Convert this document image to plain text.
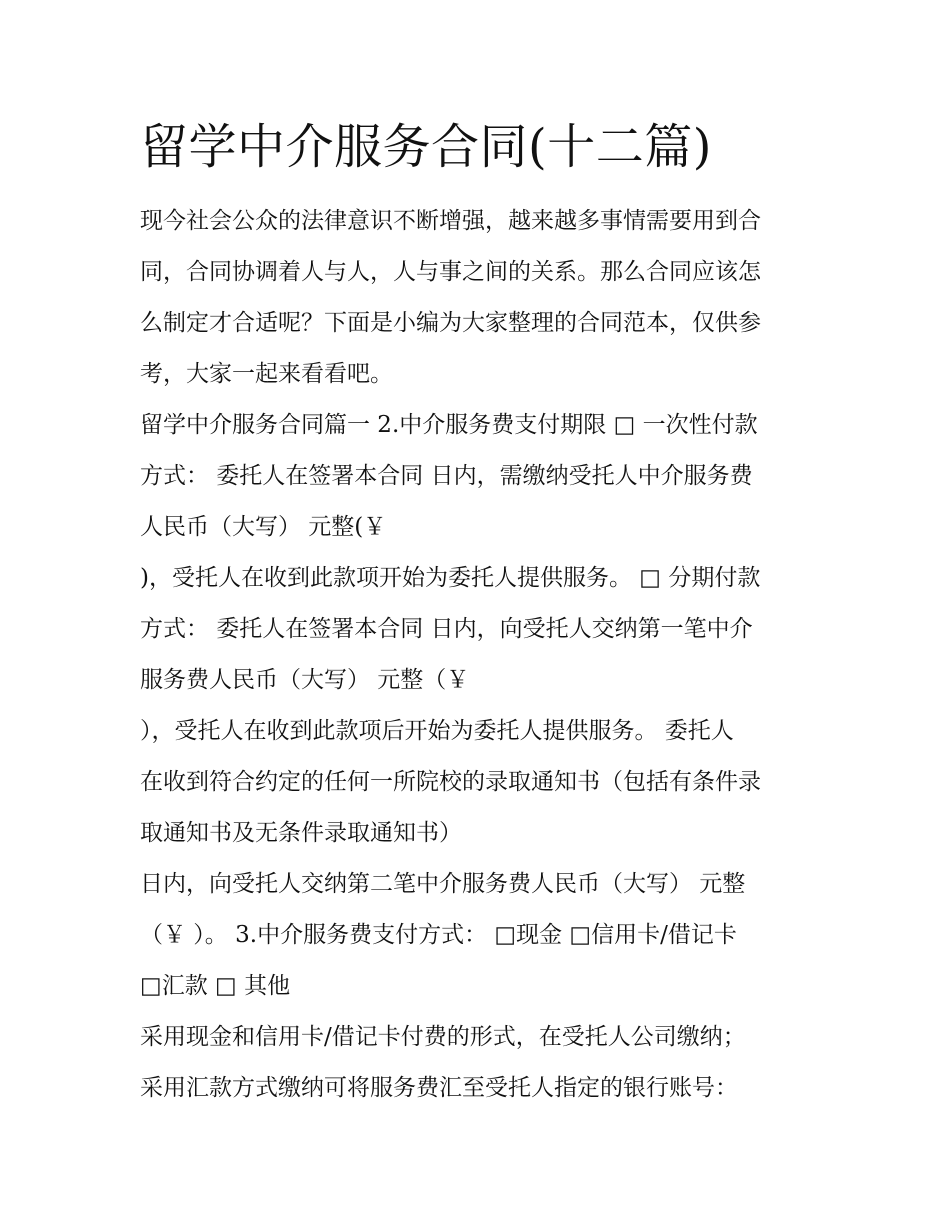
留学中介服务合同(十二篇)
现今社会公众的法律意识不断增强，越来越多事情需要用到合
同，合同协调着人与人，人与事之间的关系。那么合同应该怎
么制定才合适呢？下面是小编为大家整理的合同范本，仅供参
考，大家一起来看看吧。
留学中介服务合同篇一 2.中介服务费支付期限 □ 一次性付款
方式： 委托人在签署本合同 日内，需缴纳受托人中介服务费
人民币（大写） 元整(￥
)，受托人在收到此款项开始为委托人提供服务。 □ 分期付款
方式： 委托人在签署本合同 日内，向受托人交纳第一笔中介
服务费人民币（大写） 元整（￥
），受托人在收到此款项后开始为委托人提供服务。 委托人
在收到符合约定的任何一所院校的录取通知书（包括有条件录
取通知书及无条件录取通知书）
日内，向受托人交纳第二笔中介服务费人民币（大写） 元整
（￥ ）。 3.中介服务费支付方式： □现金 □信用卡/借记卡
□汇款 □ 其他
采用现金和信用卡/借记卡付费的形式，在受托人公司缴纳；
采用汇款方式缴纳可将服务费汇至受托人指定的银行账号：
